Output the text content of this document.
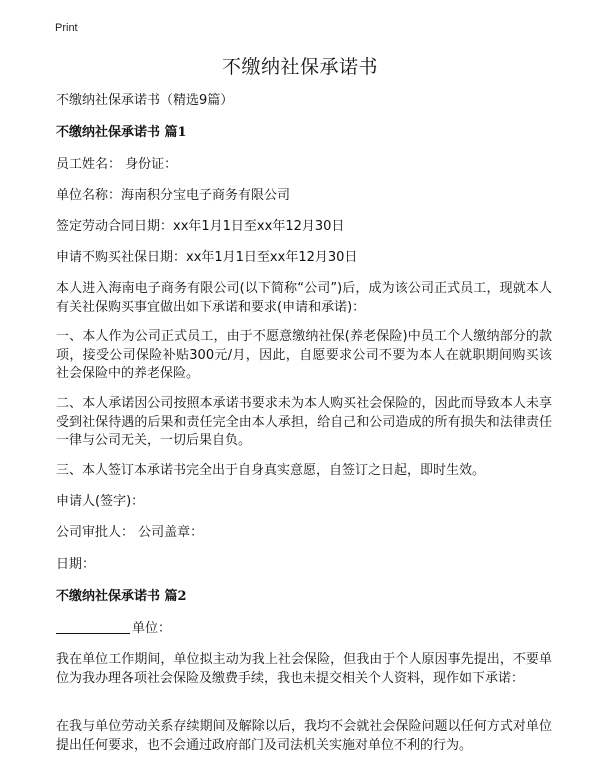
Print
不缴纳社保承诺书
不缴纳社保承诺书（精选9篇）
不缴纳社保承诺书 篇1
员工姓名： 身份证：
单位名称：海南积分宝电子商务有限公司
签定劳动合同日期：xx年1月1日至xx年12月30日
申请不购买社保日期：xx年1月1日至xx年12月30日
本人进入海南电子商务有限公司(以下简称“公司”)后，成为该公司正式员工，现就本人有关社保购买事宜做出如下承诺和要求(申请和承诺)：
一、本人作为公司正式员工，由于不愿意缴纳社保(养老保险)中员工个人缴纳部分的款项，接受公司保险补贴300元/月，因此，自愿要求公司不要为本人在就职期间购买该社会保险中的养老保险。
二、本人承诺因公司按照本承诺书要求未为本人购买社会保险的，因此而导致本人未享受到社保待遇的后果和责任完全由本人承担，给自己和公司造成的所有损失和法律责任一律与公司无关，一切后果自负。
三、本人签订本承诺书完全出于自身真实意愿，自签订之日起，即时生效。
申请人(签字)：
公司审批人： 公司盖章：
日期：
不缴纳社保承诺书 篇2
单位：
我在单位工作期间，单位拟主动为我上社会保险，但我由于个人原因事先提出，不要单位为我办理各项社会保险及缴费手续，我也未提交相关个人资料，现作如下承诺：
在我与单位劳动关系存续期间及解除以后，我均不会就社会保险问题以任何方式对单位提出任何要求，也不会通过政府部门及司法机关实施对单位不利的行为。
